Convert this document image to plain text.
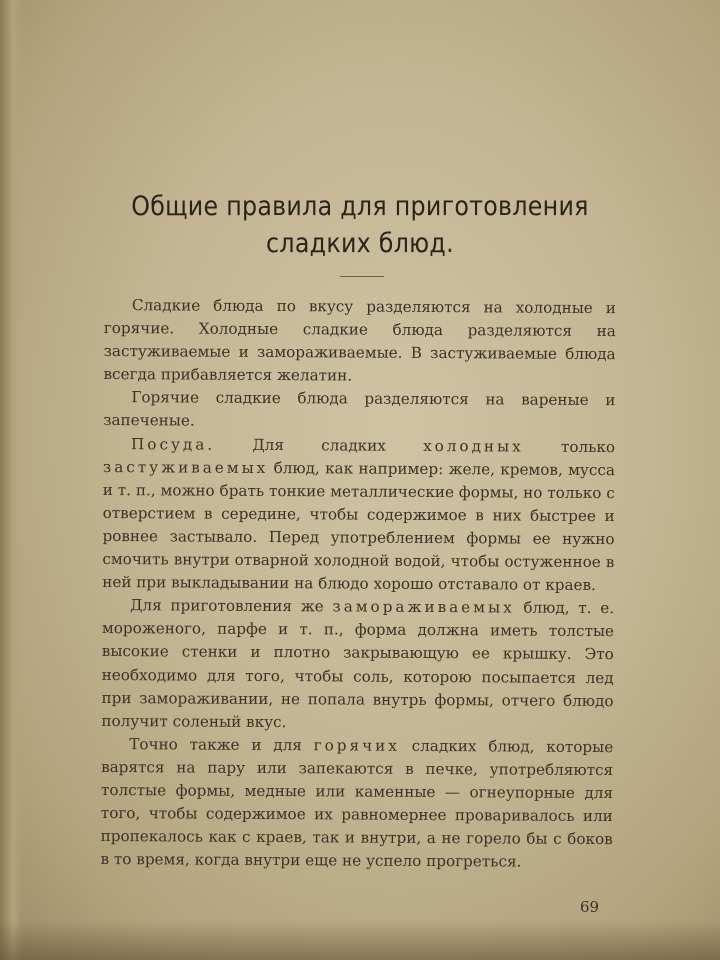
Общие правила для приготовления
сладких блюд.

Сладкие блюда по вкусу разделяются на холодные и горячие. Холодные сладкие блюда разделяются на застуживаемые и замораживаемые. В застуживаемые блюда всегда прибавляется желатин.

Горячие сладкие блюда разделяются на вареные и запеченые.

Посуда. Для сладких холодных только застуживаемых блюд, как например: желе, кремов, мусса и т. п., можно брать тонкие металлические формы, но только с отверстием в середине, чтобы содержимое в них быстрее и ровнее застывало. Перед употреблением формы ее нужно смочить внутри отварной холодной водой, чтобы остуженное в ней при выкладывании на блюдо хорошо отставало от краев.

Для приготовления же замораживаемых блюд, т. е. мороженого, парфе и т. п., форма должна иметь толстые высокие стенки и плотно закрывающую ее крышку. Это необходимо для того, чтобы соль, которою посыпается лед при замораживании, не попала внутрь формы, отчего блюдо получит соленый вкус.

Точно также и для горячих сладких блюд, которые варятся на пару или запекаются в печке, употребляются толстые формы, медные или каменные — огнеупорные для того, чтобы содержимое их равномернее проваривалось или пропекалось как с краев, так и внутри, а не горело бы с боков в то время, когда внутри еще не успело прогреться.

69
